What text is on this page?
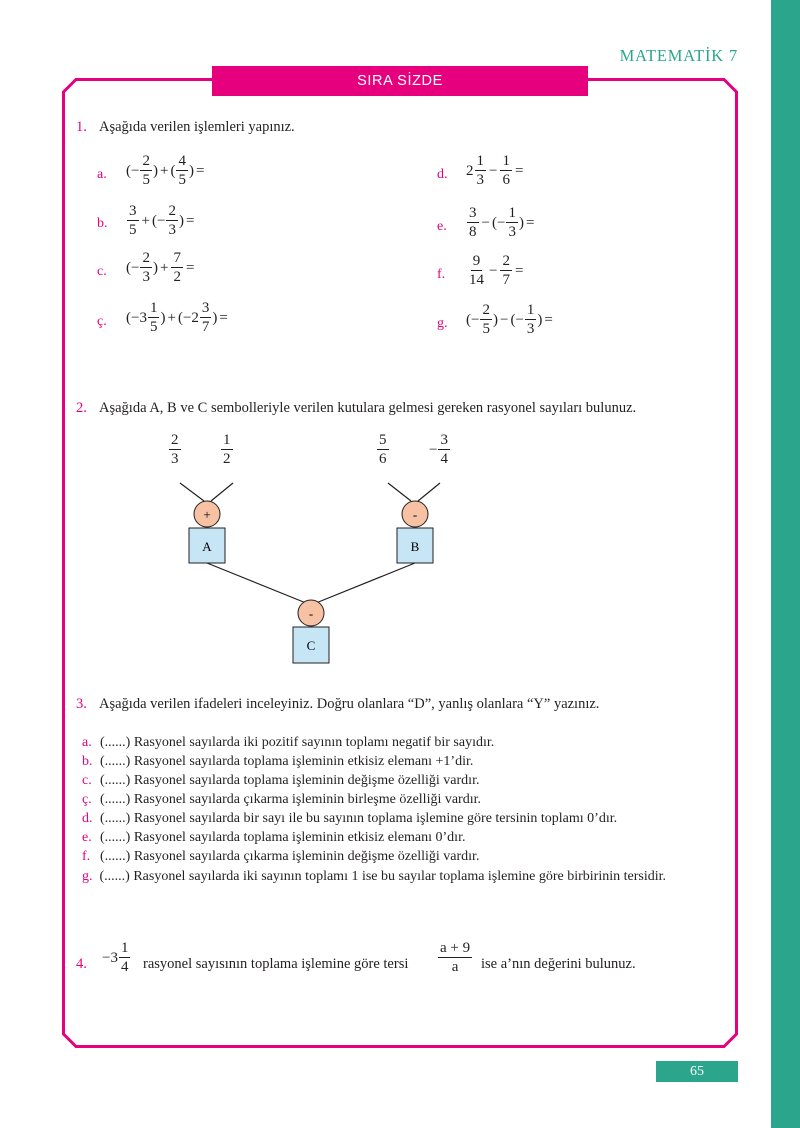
MATEMATİK 7
SIRA SİZDE
1. Aşağıda verilen işlemleri yapınız.
a. ( − $\frac{2}{5}$ ) + ( $\frac{4}{5}$ ) =
b. $\frac{3}{5}$ + ( − $\frac{2}{3}$ ) =
c. ( − $\frac{2}{3}$ ) + $\frac{7}{2}$ =
ç. ( − $3 \frac{1}{5}$ ) + ( − $2 \frac{3}{7}$ ) =
d. $2 \frac{1}{3} - \frac{1}{6}$ =
e. $\frac{3}{8}$ − ( − $\frac{1}{3}$ ) =
f. $\frac{9}{14} - \frac{2}{7}$ =
g. ( − $\frac{2}{5}$ ) − ( − $\frac{1}{3}$ ) =
2. Aşağıda A, B ve C sembolleriyle verilen kutulara gelmesi gereken rasyonel sayıları bulunuz.
$\frac{2}{3}$	$\frac{1}{2}$	$\frac{5}{6}$	− $\frac{3}{4}$
+	-
-
A	B
C
3. Aşağıda verilen ifadeleri inceleyiniz. Doğru olanlara “D”, yanlış olanlara “Y” yazınız.
a. (......) Rasyonel sayılarda iki pozitif sayının toplamı negatif bir sayıdır.
b. (......) Rasyonel sayılarda toplama işleminin etkisiz elemanı +1’dir.
c. (......) Rasyonel sayılarda toplama işleminin değişme özelliği vardır.
ç. (......) Rasyonel sayılarda çıkarma işleminin birleşme özelliği vardır.
d. (......) Rasyonel sayılarda bir sayı ile bu sayının toplama işlemine göre tersinin toplamı 0’dır.
e. (......) Rasyonel sayılarda toplama işleminin etkisiz elemanı 0’dır.
f. (......) Rasyonel sayılarda çıkarma işleminin değişme özelliği vardır.
g. (......) Rasyonel sayılarda iki sayının toplamı 1 ise bu sayılar toplama işlemine göre birbirinin tersidir.
4. $-3 \frac{1}{4}$ rasyonel sayısının toplama işlemine göre tersi $\frac{a + 9}{a}$ ise a’nın değerini bulunuz.
65
